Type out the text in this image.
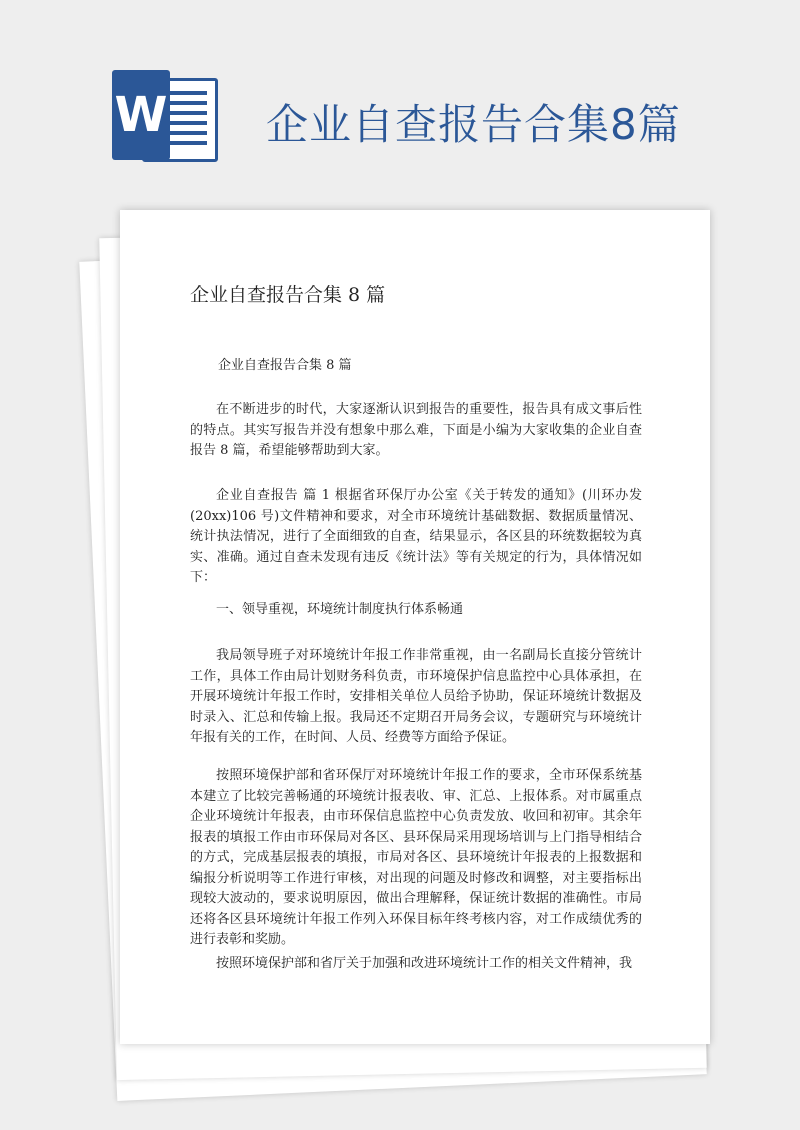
W 企业自查报告合集8篇
企业自查报告合集 8 篇
企业自查报告合集 8 篇
在不断进步的时代，大家逐渐认识到报告的重要性，报告具有成文事后性的特点。其实写报告并没有想象中那么难，下面是小编为大家收集的企业自查报告 8 篇，希望能够帮助到大家。
企业自查报告 篇 1 根据省环保厅办公室《关于转发的通知》(川环办发(20xx)106 号)文件精神和要求，对全市环境统计基础数据、数据质量情况、统计执法情况，进行了全面细致的自查，结果显示，各区县的环统数据较为真实、准确。通过自查未发现有违反《统计法》等有关规定的行为，具体情况如下：
一、领导重视，环境统计制度执行体系畅通
我局领导班子对环境统计年报工作非常重视，由一名副局长直接分管统计工作，具体工作由局计划财务科负责，市环境保护信息监控中心具体承担，在开展环境统计年报工作时，安排相关单位人员给予协助，保证环境统计数据及时录入、汇总和传输上报。我局还不定期召开局务会议，专题研究与环境统计年报有关的工作，在时间、人员、经费等方面给予保证。
按照环境保护部和省环保厅对环境统计年报工作的要求，全市环保系统基本建立了比较完善畅通的环境统计报表收、审、汇总、上报体系。对市属重点企业环境统计年报表，由市环保信息监控中心负责发放、收回和初审。其余年报表的填报工作由市环保局对各区、县环保局采用现场培训与上门指导相结合的方式，完成基层报表的填报，市局对各区、县环境统计年报表的上报数据和编报分析说明等工作进行审核，对出现的问题及时修改和调整，对主要指标出现较大波动的，要求说明原因，做出合理解释，保证统计数据的准确性。市局还将各区县环境统计年报工作列入环保目标年终考核内容，对工作成绩优秀的进行表彰和奖励。
按照环境保护部和省厅关于加强和改进环境统计工作的相关文件精神，我
